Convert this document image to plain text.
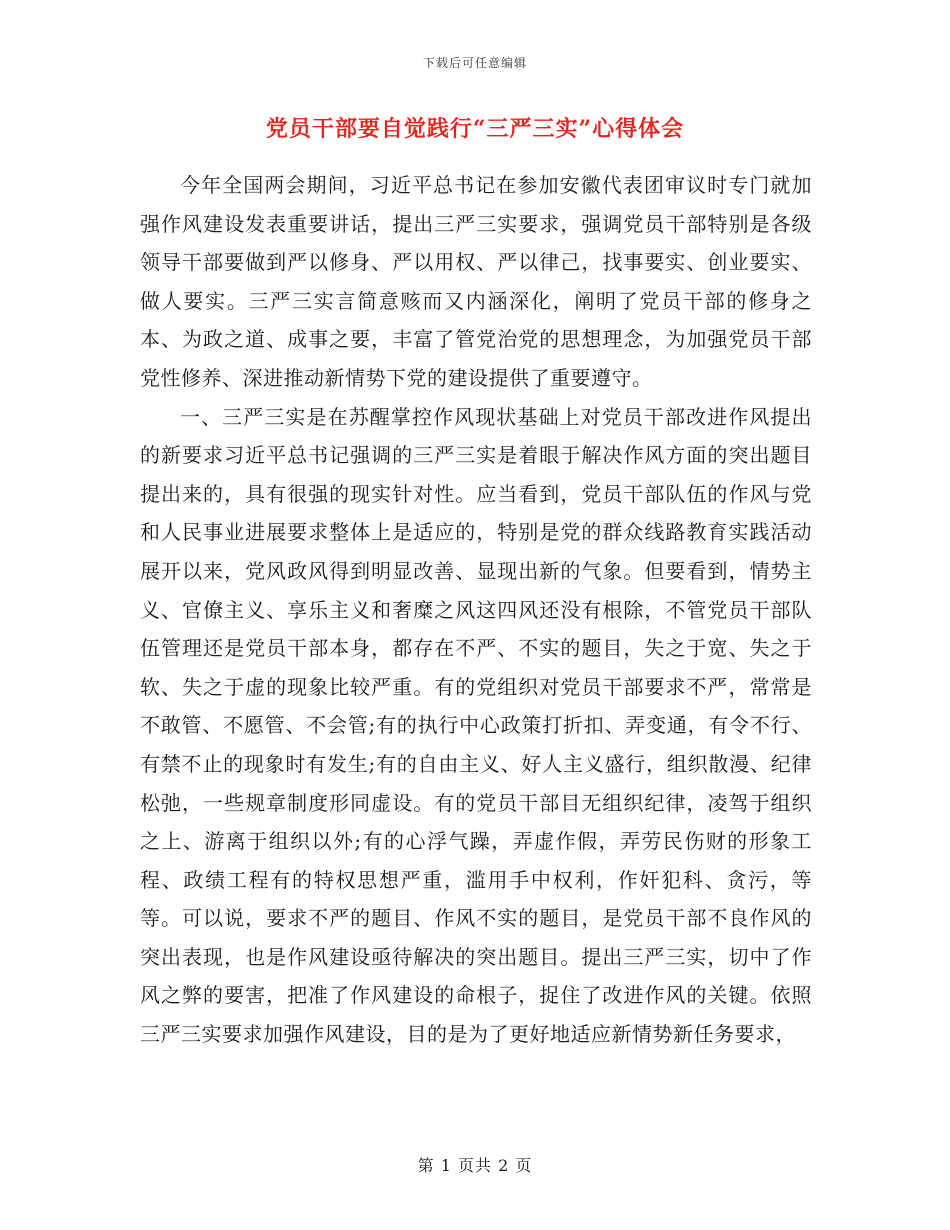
下载后可任意编辑
党员干部要自觉践行“三严三实”心得体会

今年全国两会期间，习近平总书记在参加安徽代表团审议时专门就加强作风建设发表重要讲话，提出三严三实要求，强调党员干部特别是各级领导干部要做到严以修身、严以用权、严以律己，找事要实、创业要实、做人要实。三严三实言简意赅而又内涵深化，阐明了党员干部的修身之本、为政之道、成事之要，丰富了管党治党的思想理念，为加强党员干部党性修养、深进推动新情势下党的建设提供了重要遵守。

一、三严三实是在苏醒掌控作风现状基础上对党员干部改进作风提出的新要求习近平总书记强调的三严三实是着眼于解决作风方面的突出题目提出来的，具有很强的现实针对性。应当看到，党员干部队伍的作风与党和人民事业进展要求整体上是适应的，特别是党的群众线路教育实践活动展开以来，党风政风得到明显改善、显现出新的气象。但要看到，情势主义、官僚主义、享乐主义和奢糜之风这四风还没有根除，不管党员干部队伍管理还是党员干部本身，都存在不严、不实的题目，失之于宽、失之于软、失之于虚的现象比较严重。有的党组织对党员干部要求不严，常常是不敢管、不愿管、不会管;有的执行中心政策打折扣、弄变通，有令不行、有禁不止的现象时有发生;有的自由主义、好人主义盛行，组织散漫、纪律松弛，一些规章制度形同虚设。有的党员干部目无组织纪律，凌驾于组织之上、游离于组织以外;有的心浮气躁，弄虚作假，弄劳民伤财的形象工程、政绩工程有的特权思想严重，滥用手中权利，作奸犯科、贪污，等等。可以说，要求不严的题目、作风不实的题目，是党员干部不良作风的突出表现，也是作风建设亟待解决的突出题目。提出三严三实，切中了作风之弊的要害，把准了作风建设的命根子，捉住了改进作风的关键。依照三严三实要求加强作风建设，目的是为了更好地适应新情势新任务要求，

第 1 页共 2 页
